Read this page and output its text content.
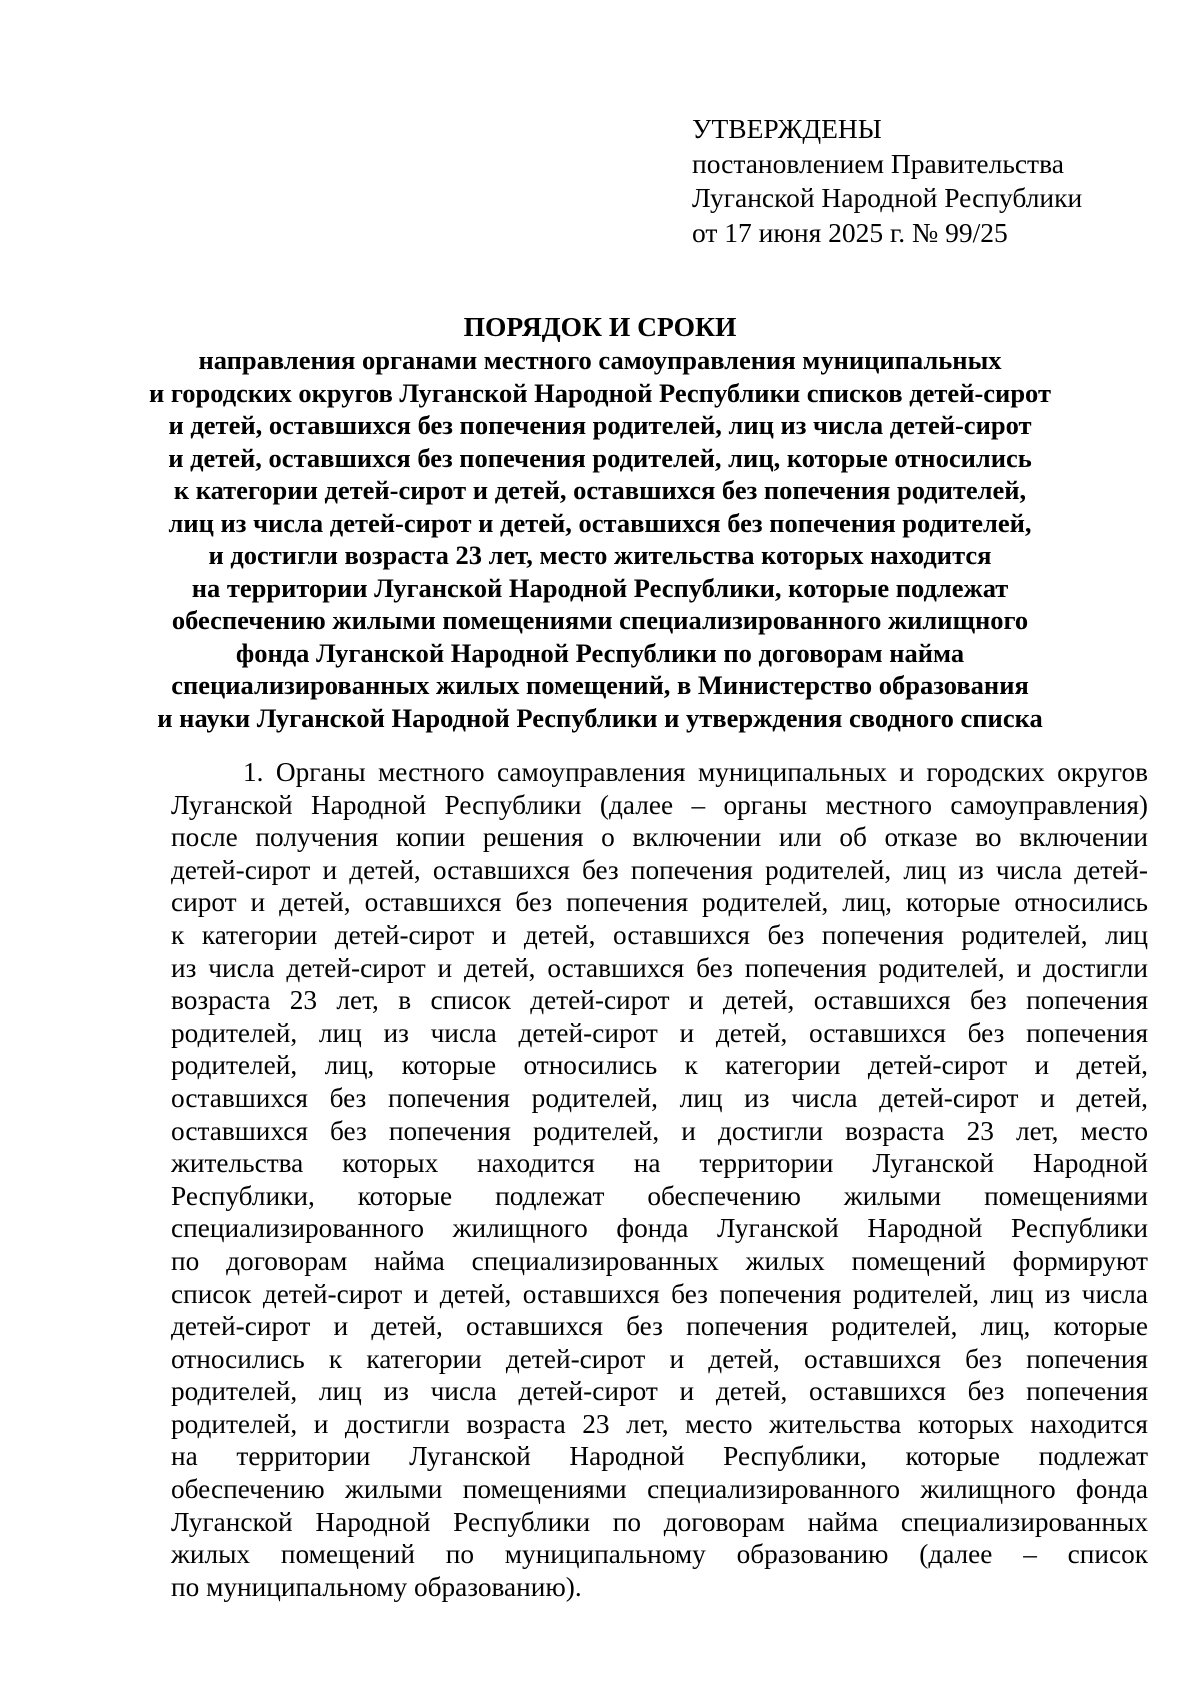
УТВЕРЖДЕНЫ
постановлением Правительства
Луганской Народной Республики
от 17 июня 2025 г. № 99/25
ПОРЯДОК И СРОКИ
направления органами местного самоуправления муниципальных
и городских округов Луганской Народной Республики списков детей-сирот
и детей, оставшихся без попечения родителей, лиц из числа детей-сирот
и детей, оставшихся без попечения родителей, лиц, которые относились
к категории детей-сирот и детей, оставшихся без попечения родителей,
лиц из числа детей-сирот и детей, оставшихся без попечения родителей,
и достигли возраста 23 лет, место жительства которых находится
на территории Луганской Народной Республики, которые подлежат
обеспечению жилыми помещениями специализированного жилищного
фонда Луганской Народной Республики по договорам найма
специализированных жилых помещений, в Министерство образования
и науки Луганской Народной Республики и утверждения сводного списка
1. Органы местного самоуправления муниципальных и городских округов
Луганской Народной Республики (далее – органы местного самоуправления)
после получения копии решения о включении или об отказе во включении
детей-сирот и детей, оставшихся без попечения родителей, лиц из числа детей-
сирот и детей, оставшихся без попечения родителей, лиц, которые относились
к категории детей-сирот и детей, оставшихся без попечения родителей, лиц
из числа детей-сирот и детей, оставшихся без попечения родителей, и достигли
возраста 23 лет, в список детей-сирот и детей, оставшихся без попечения
родителей, лиц из числа детей-сирот и детей, оставшихся без попечения
родителей, лиц, которые относились к категории детей-сирот и детей,
оставшихся без попечения родителей, лиц из числа детей-сирот и детей,
оставшихся без попечения родителей, и достигли возраста 23 лет, место
жительства которых находится на территории Луганской Народной
Республики, которые подлежат обеспечению жилыми помещениями
специализированного жилищного фонда Луганской Народной Республики
по договорам найма специализированных жилых помещений формируют
список детей-сирот и детей, оставшихся без попечения родителей, лиц из числа
детей-сирот и детей, оставшихся без попечения родителей, лиц, которые
относились к категории детей-сирот и детей, оставшихся без попечения
родителей, лиц из числа детей-сирот и детей, оставшихся без попечения
родителей, и достигли возраста 23 лет, место жительства которых находится
на территории Луганской Народной Республики, которые подлежат
обеспечению жилыми помещениями специализированного жилищного фонда
Луганской Народной Республики по договорам найма специализированных
жилых помещений по муниципальному образованию (далее – список
по муниципальному образованию).
